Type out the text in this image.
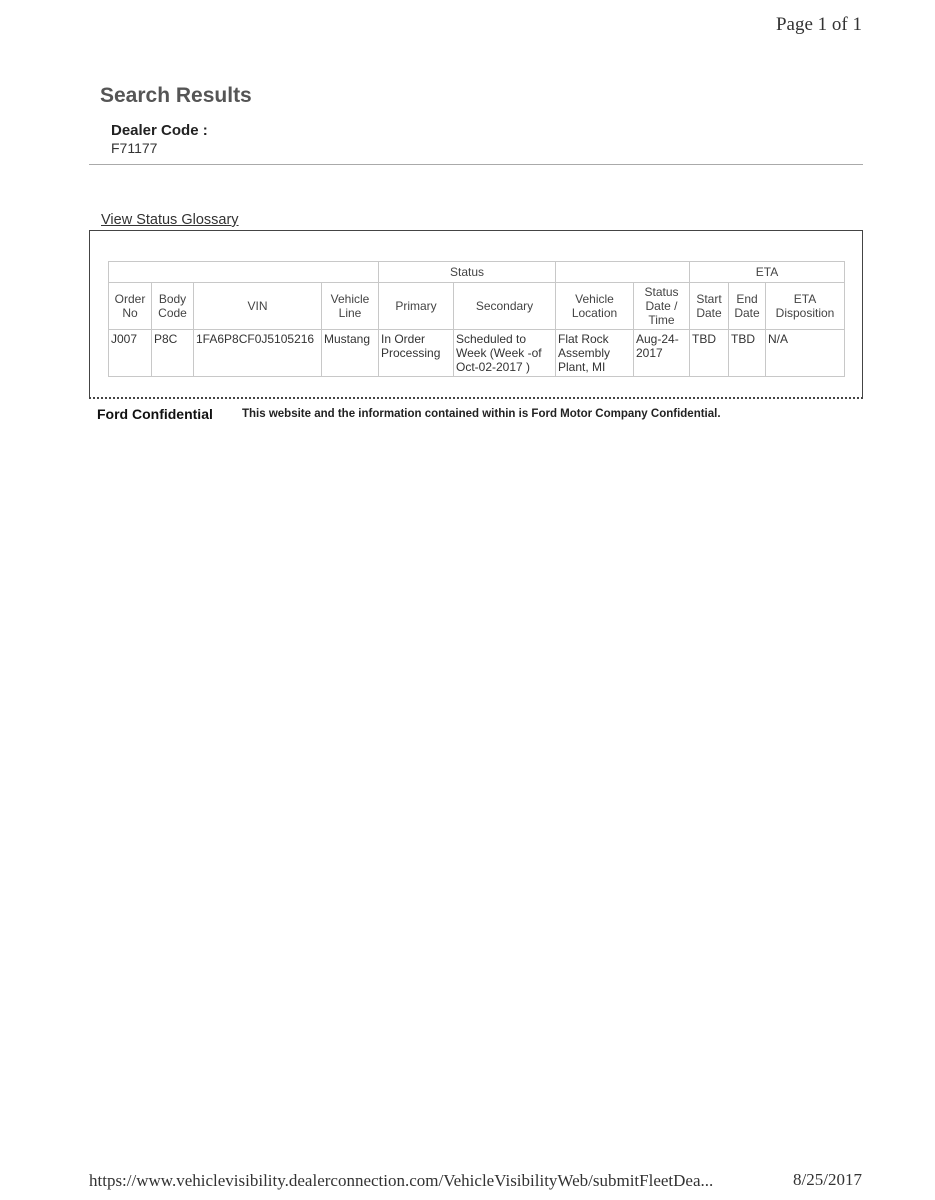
Page 1 of 1
Search Results
Dealer Code :
F71177
View Status Glossary
				Status				ETA		
Order No	Body Code	VIN	Vehicle Line	Primary	Secondary	Vehicle Location	Status Date / Time	Start Date	End Date	ETA Disposition
J007	P8C	1FA6P8CF0J5105216	Mustang	In Order Processing	Scheduled to Week (Week -of Oct-02-2017 )	Flat Rock Assembly Plant, MI	Aug-24-2017	TBD	TBD	N/A
Ford Confidential	This website and the information contained within is Ford Motor Company Confidential.
https://www.vehiclevisibility.dealerconnection.com/VehicleVisibilityWeb/submitFleetDea...	8/25/2017
